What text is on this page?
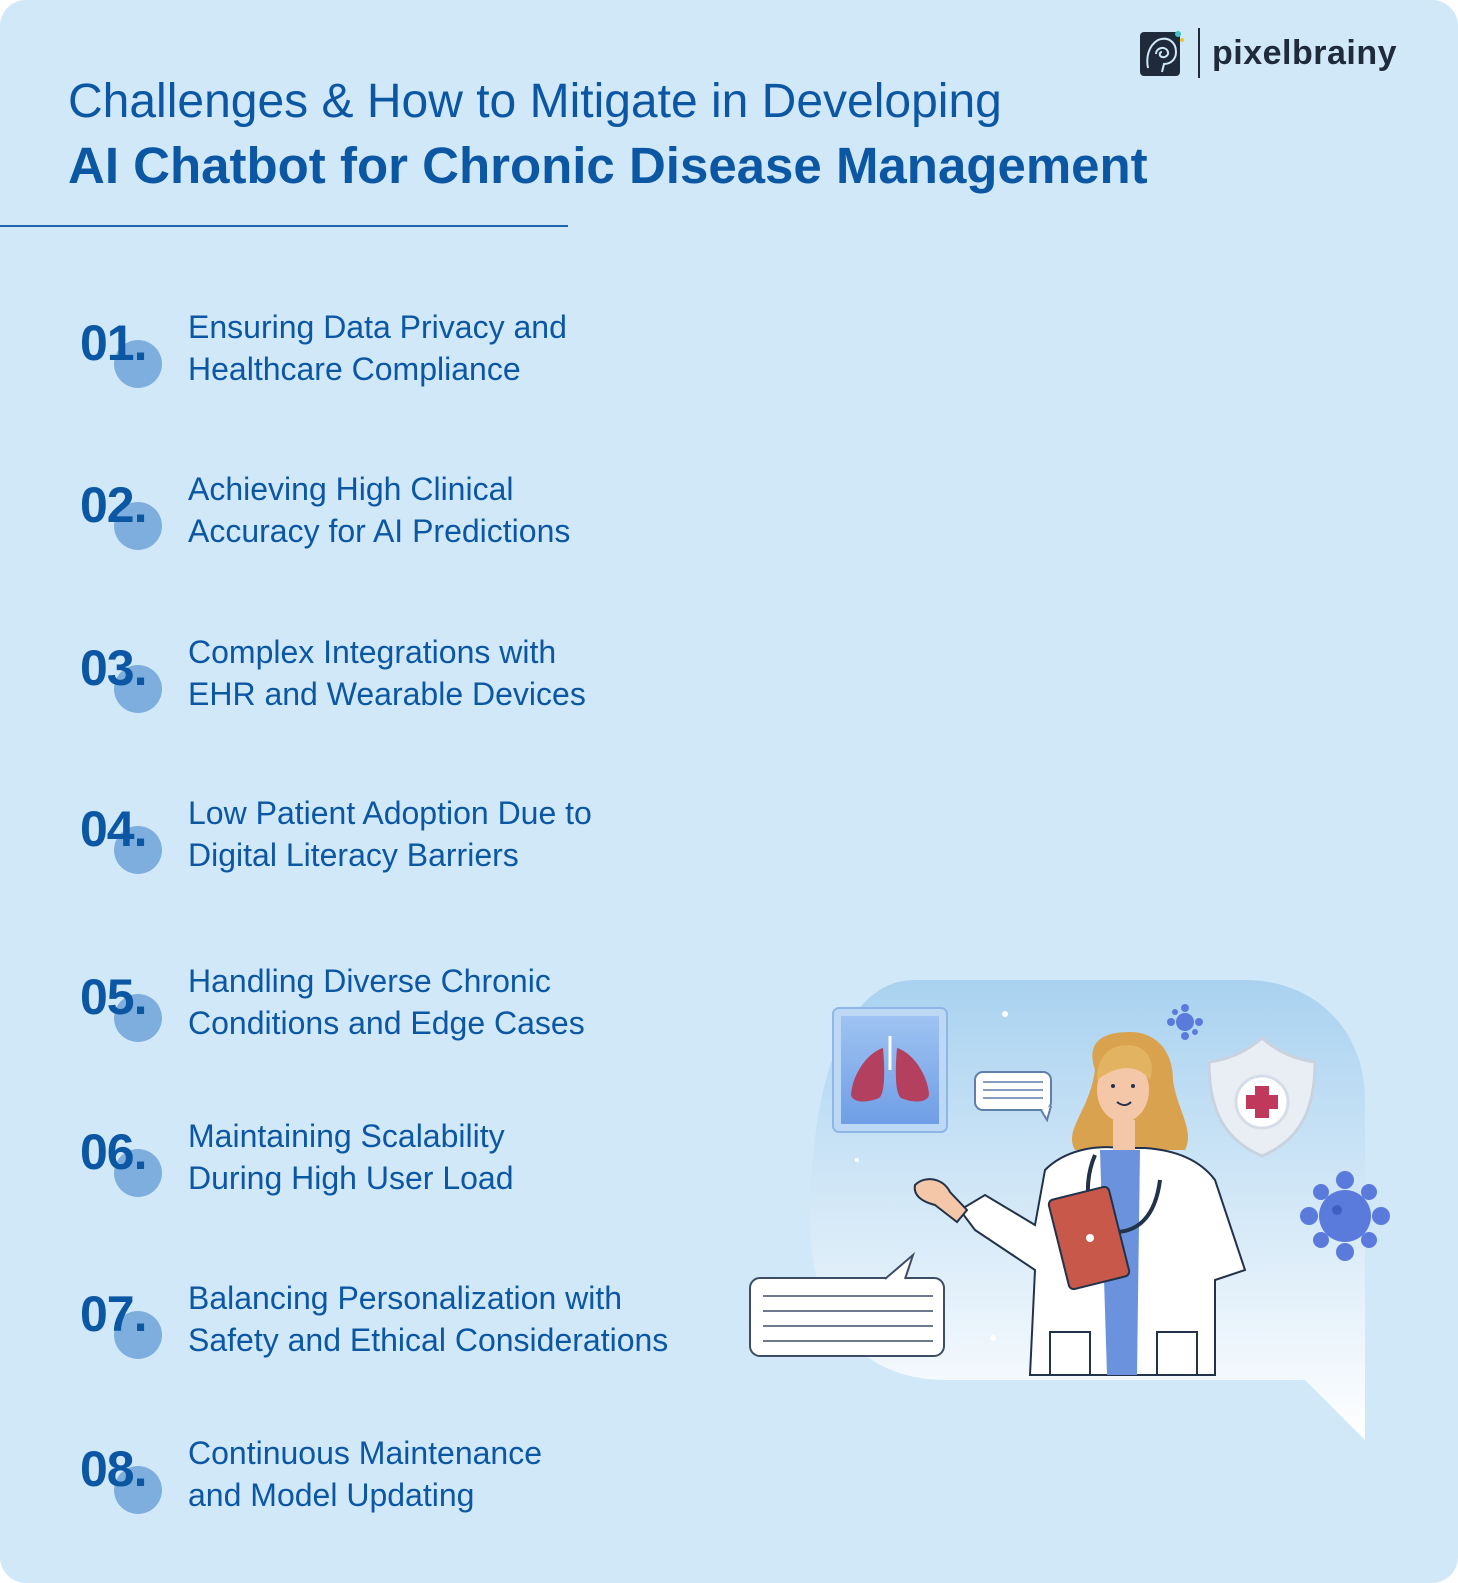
pixelbrainy
Challenges & How to Mitigate in Developing
AI Chatbot for Chronic Disease Management
01. Ensuring Data Privacy and
Healthcare Compliance
02. Achieving High Clinical
Accuracy for AI Predictions
03. Complex Integrations with
EHR and Wearable Devices
04. Low Patient Adoption Due to
Digital Literacy Barriers
05. Handling Diverse Chronic
Conditions and Edge Cases
06. Maintaining Scalability
During High User Load
07. Balancing Personalization with
Safety and Ethical Considerations
08. Continuous Maintenance
and Model Updating
